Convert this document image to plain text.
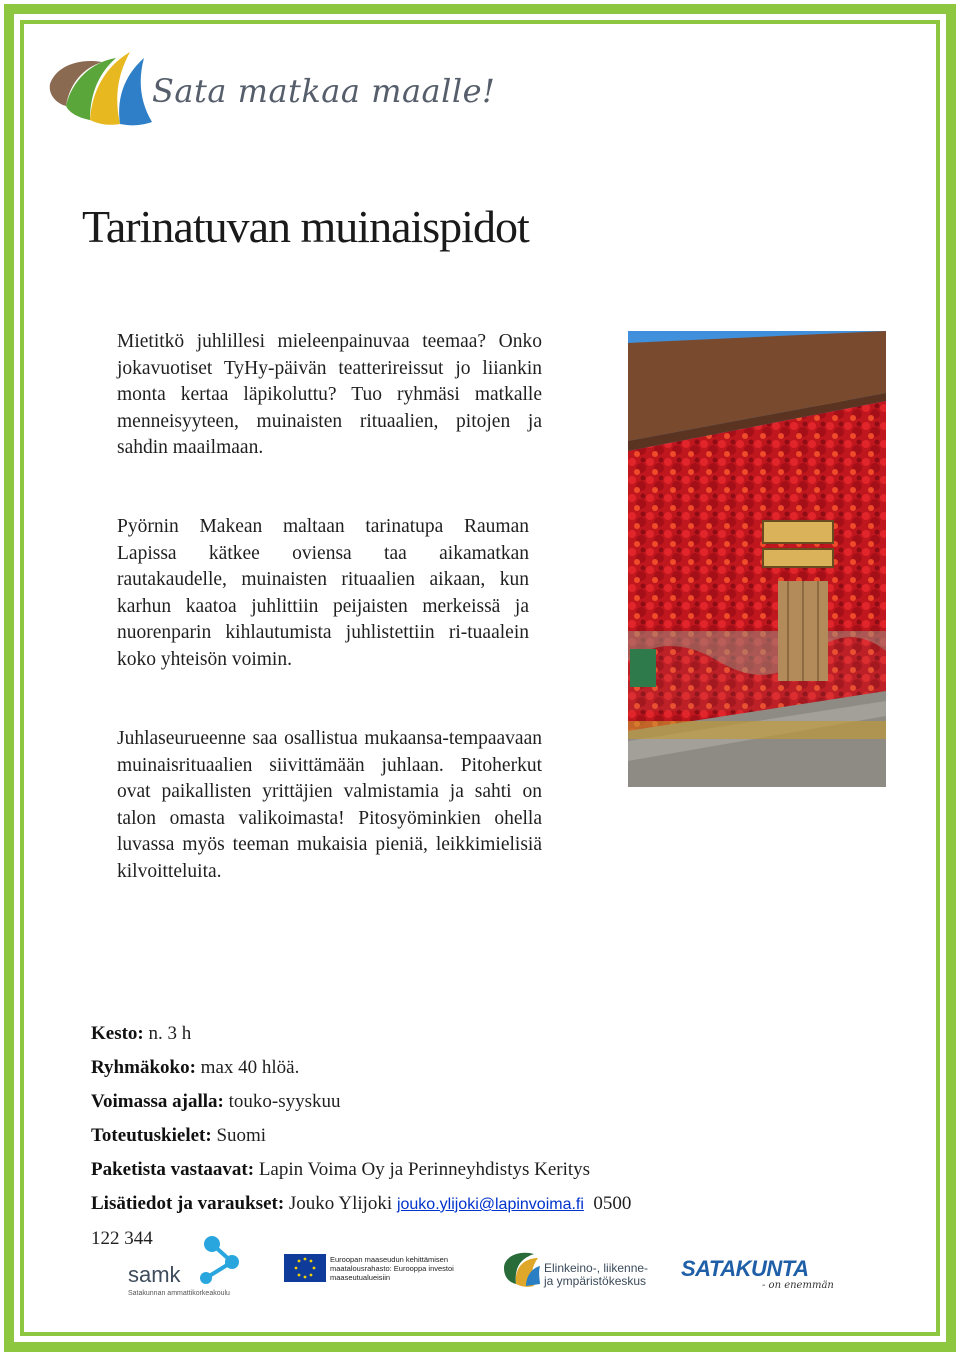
Sata matkaa maalle!
Tarinatuvan muinaispidot

Mietitkö juhlillesi mieleenpainuvaa teemaa? Onko jokavuotiset TyHy-päivän teatterireissut jo liiankin monta kertaa läpikoluttu? Tuo ryhmäsi matkalle menneisyyteen, muinaisten rituaalien, pitojen ja sahdin maailmaan.

Pyörnin Makean maltaan tarinatupa Rauman Lapissa kätkee oviensa taa aikamatkan rautakaudelle, muinaisten rituaalien aikaan, kun karhun kaatoa juhlittiin peijaisten merkeissä ja nuorenparin kihlautumista juhlistettiin ri-tuaalein koko yhteisön voimin.

Juhlaseurueenne saa osallistua mukaansa-tempaavaan muinaisrituaalien siivittämään juhlaan. Pitoherkut ovat paikallisten yrittäjien valmistamia ja sahti on talon omasta valikoimasta! Pitosyöminkien ohella luvassa myös teeman mukaisia pieniä, leikkimielisiä kilvoitteluita.

Kesto: n. 3 h

Ryhmäkoko: max 40 hlöä.

Voimassa ajalla: touko-syyskuu

Toteutuskielet: Suomi

Paketista vastaavat: Lapin Voima Oy ja Perinneyhdistys Keritys

Lisätiedot ja varaukset: Jouko Ylijoki jouko.ylijoki@lapinvoima.fi 0500

122 344

samk
Satakunnan ammattikorkeakoulu
Euroopan maaseudun kehittämisen maatalousrahasto: Eurooppa investoi maaseutualueisiin
Elinkeino-, liikenne- ja ympäristökeskus	SATAKUNTA
- on enemmän
